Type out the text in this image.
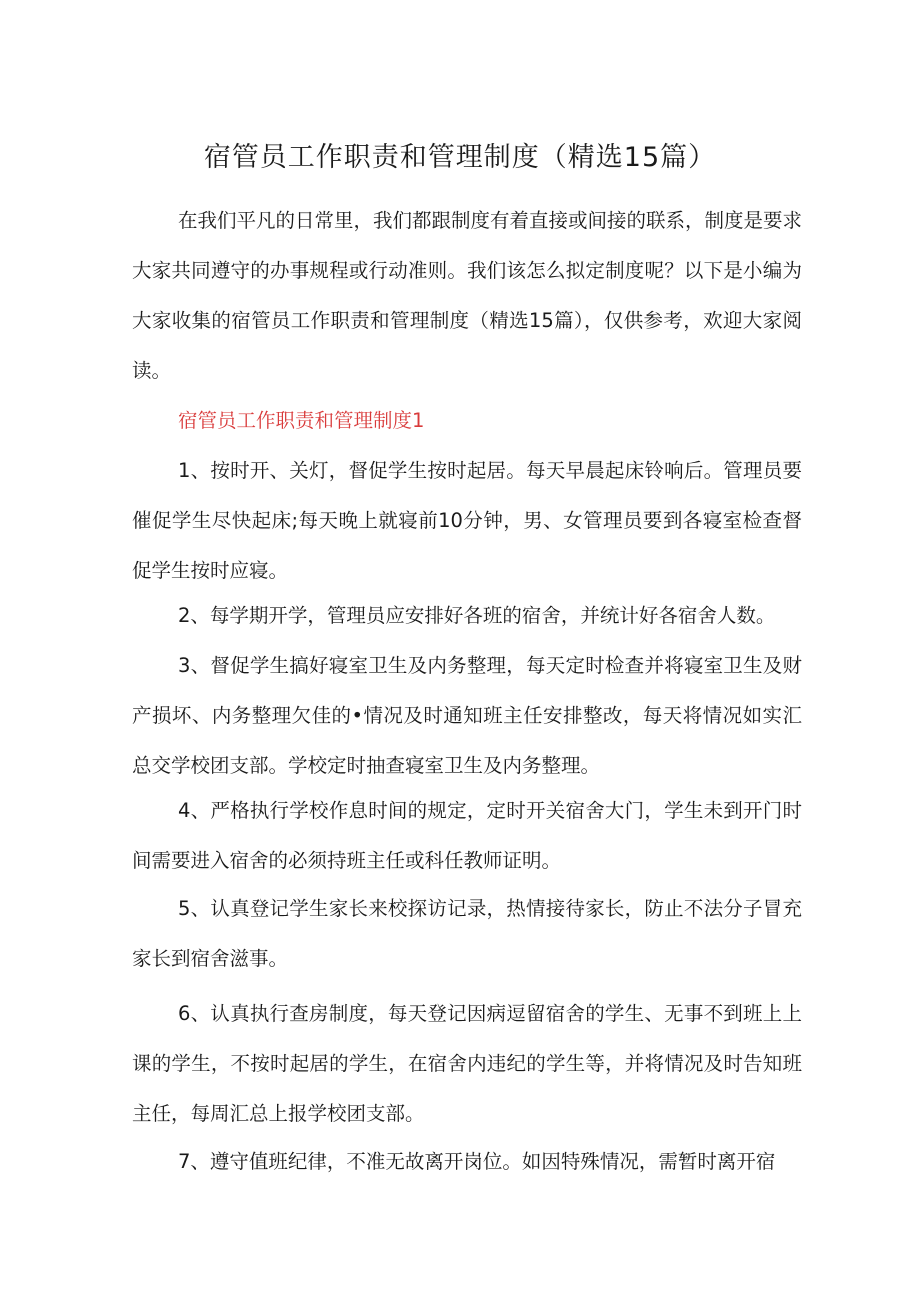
宿管员工作职责和管理制度（精选15篇）

在我们平凡的日常里，我们都跟制度有着直接或间接的联系，制度是要求大家共同遵守的办事规程或行动准则。我们该怎么拟定制度呢？以下是小编为大家收集的宿管员工作职责和管理制度（精选15篇），仅供参考，欢迎大家阅读。

宿管员工作职责和管理制度1

1、按时开、关灯，督促学生按时起居。每天早晨起床铃响后。管理员要催促学生尽快起床;每天晚上就寝前10分钟，男、女管理员要到各寝室检查督促学生按时应寝。

2、每学期开学，管理员应安排好各班的宿舍，并统计好各宿舍人数。

3、督促学生搞好寝室卫生及内务整理，每天定时检查并将寝室卫生及财产损坏、内务整理欠佳的•情况及时通知班主任安排整改，每天将情况如实汇总交学校团支部。学校定时抽查寝室卫生及内务整理。

4、严格执行学校作息时间的规定，定时开关宿舍大门，学生未到开门时间需要进入宿舍的必须持班主任或科任教师证明。

5、认真登记学生家长来校探访记录，热情接待家长，防止不法分子冒充家长到宿舍滋事。

6、认真执行查房制度，每天登记因病逗留宿舍的学生、无事不到班上上课的学生，不按时起居的学生，在宿舍内违纪的学生等，并将情况及时告知班主任，每周汇总上报学校团支部。

7、遵守值班纪律，不准无故离开岗位。如因特殊情况，需暂时离开宿
